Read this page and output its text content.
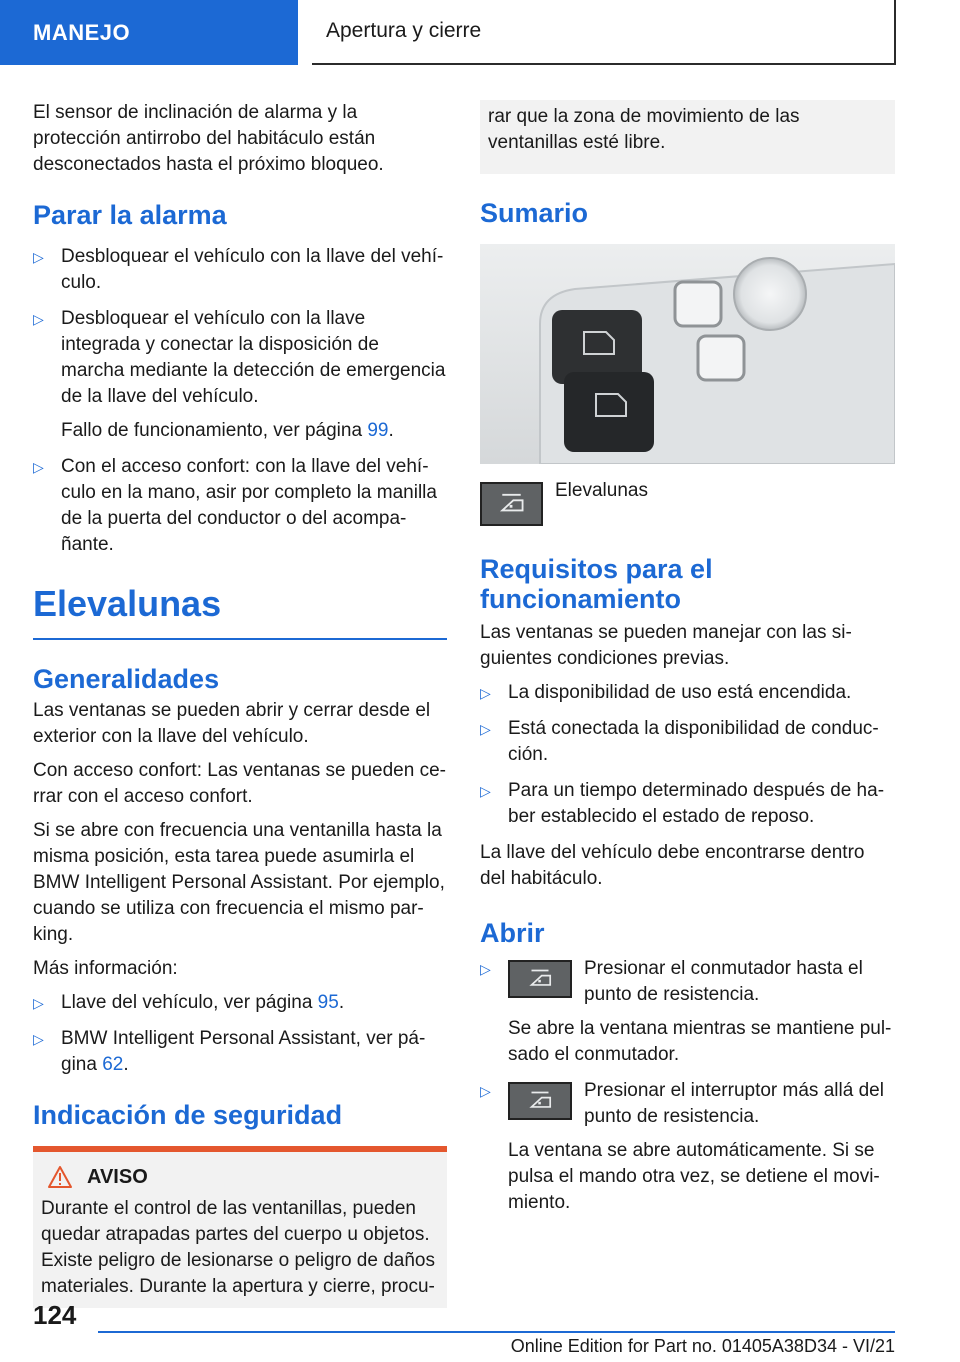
MANEJO	Apertura y cierre

El sensor de inclinación de alarma y la protección antirrobo del habitáculo están desconectados hasta el próximo bloqueo.

Parar la alarma
▷ Desbloquear el vehículo con la llave del vehí-culo.
▷ Desbloquear el vehículo con la llave integrada y conectar la disposición de marcha mediante la detección de emergencia de la llave del vehículo.
Fallo de funcionamiento, ver página 99.
▷ Con el acceso confort: con la llave del vehí-culo en la mano, asir por completo la manilla de la puerta del conductor o del acompa-ñante.
Elevalunas
Generalidades

Las ventanas se pueden abrir y cerrar desde el exterior con la llave del vehículo.

Con acceso confort: Las ventanas se pueden ce-rrar con el acceso confort.

Si se abre con frecuencia una ventanilla hasta la misma posición, esta tarea puede asumirla el BMW Intelligent Personal Assistant. Por ejemplo, cuando se utiliza con frecuencia el mismo par-king.

Más información:

▷ Llave del vehículo, ver página 95.
▷ BMW Intelligent Personal Assistant, ver pá-gina 62.
Indicación de seguridad
AVISO
Durante el control de las ventanillas, pueden quedar atrapadas partes del cuerpo u objetos. Existe peligro de lesionarse o peligro de daños materiales. Durante la apertura y cierre, procu-
rar que la zona de movimiento de las ventanillas esté libre.
Sumario
Elevalunas
Requisitos para el funcionamiento

Las ventanas se pueden manejar con las si-guientes condiciones previas.

▷ La disponibilidad de uso está encendida.
▷ Está conectada la disponibilidad de conduc-ción.
▷ Para un tiempo determinado después de ha-ber establecido el estado de reposo.

La llave del vehículo debe encontrarse dentro del habitáculo.

Abrir
▷	Presionar el conmutador hasta el punto de resistencia.
Se abre la ventana mientras se mantiene pul-sado el conmutador.
▷	Presionar el interruptor más allá del punto de resistencia.
La ventana se abre automáticamente. Si se pulsa el mando otra vez, se detiene el movi-miento.
124
Online Edition for Part no. 01405A38D34 - VI/21
